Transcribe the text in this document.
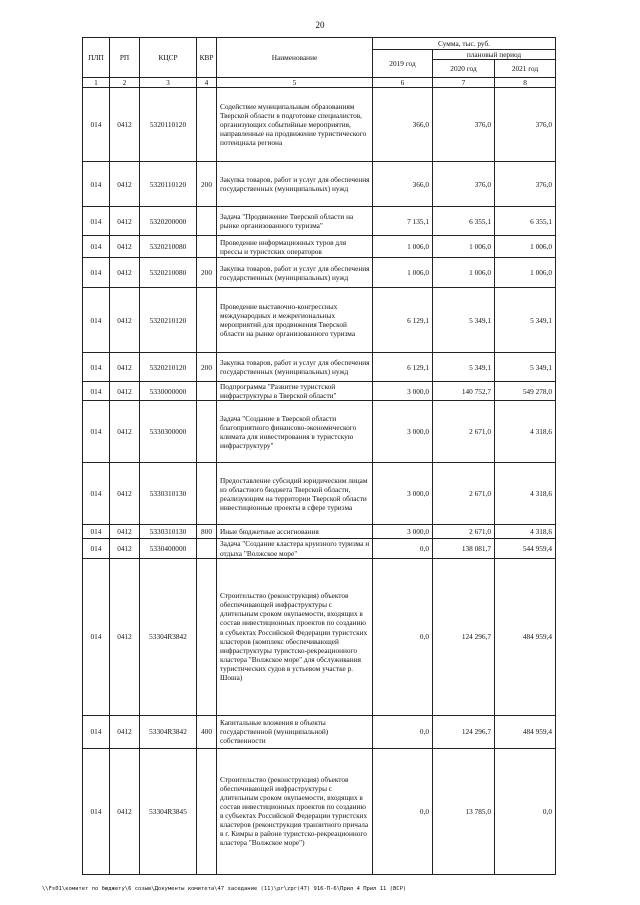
20
ПЛП	РП	КЦСР	КВР	Наименование	Сумма, тыс. руб.		
					2019 год	плановый период	
						2020 год	2021 год
1	2	3	4	5	6	7	8
014	0412	5320110120		Содействие муниципальным образованиям Тверской области в подготовке специалистов, организующих событийные мероприятия, направленные на продвижение туристического потенциала региона	366,0	376,0	376,0
014	0412	5320110120	200	Закупка товаров, работ и услуг для обеспечения государственных (муниципальных) нужд	366,0	376,0	376,0
014	0412	5320200000		Задача "Продвижение Тверской области на рынке организованного туризма"	7 135,1	6 355,1	6 355,1
014	0412	5320210080		Проведение информационных туров для прессы и туристских операторов	1 006,0	1 006,0	1 006,0
014	0412	5320210080	200	Закупка товаров, работ и услуг для обеспечения государственных (муниципальных) нужд	1 006,0	1 006,0	1 006,0
014	0412	5320210120		Проведение выставочно-конгрессных международных и межрегиональных мероприятий для продвижения Тверской области на рынке организованного туризма	6 129,1	5 349,1	5 349,1
014	0412	5320210120	200	Закупка товаров, работ и услуг для обеспечения государственных (муниципальных) нужд	6 129,1	5 349,1	5 349,1
014	0412	5330000000		Подпрограмма "Развитие туристской инфраструктуры в Тверской области"	3 000,0	140 752,7	549 278,0
014	0412	5330300000		Задача "Создание в Тверской области благоприятного финансово-экономического климата для инвестирования в туристскую инфраструктуру"	3 000,0	2 671,0	4 318,6
014	0412	5330310130		Предоставление субсидий юридическим лицам из областного бюджета Тверской области, реализующим на территории Тверской области инвестиционные проекты в сфере туризма	3 000,0	2 671,0	4 318,6
014	0412	5330310130	800	Иные бюджетные ассигнования	3 000,0	2 671,0	4 318,6
014	0412	5330400000		Задача "Создание кластера круизного туризма и отдыха "Волжское море"	0,0	138 081,7	544 959,4
014	0412	53304R3842		Строительство (реконструкция) объектов обеспечивающей инфраструктуры с длительным сроком окупаемости, входящих в состав инвестиционных проектов по созданию в субъектах Российской Федерации туристских кластеров (комплекс обеспечивающей инфраструктуры туристско-рекреационного кластера "Волжское море" для обслуживания туристических судов в устьевом участке р. Шоша)	0,0	124 296,7	484 959,4
014	0412	53304R3842	400	Капитальные вложения в объекты государственной (муниципальной) собственности	0,0	124 296,7	484 959,4
014	0412	53304R3845		Строительство (реконструкция) объектов обеспечивающей инфраструктуры с длительным сроком окупаемости, входящих в состав инвестиционных проектов по созданию в субъектах Российской Федерации туристских кластеров (реконструкция транзитного причала в г. Кимры в районе туристско-рекреационного кластера "Волжское море")	0,0	13 785,0	0,0
\\Fs01\комитет по бюджету\6 созыв\Документы комитета\47 заседание (11)\pr\zpr(47) 916-П-6\Прил 4 Прил 11 (ВСР)
